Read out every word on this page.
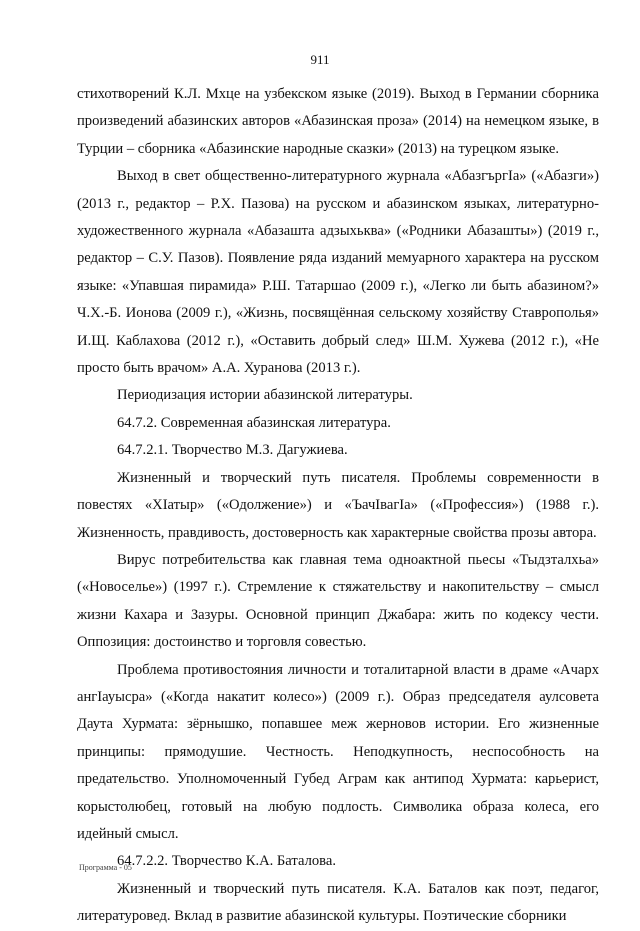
911

стихотворений К.Л. Мхце на узбекском языке (2019). Выход в Германии сборника произведений абазинских авторов «Абазинская проза» (2014) на немецком языке, в Турции – сборника «Абазинские народные сказки» (2013) на турецком языке.

Выход в свет общественно-литературного журнала «АбазгъргIа» («Абазги») (2013 г., редактор – Р.Х. Пазова) на русском и абазинском языках, литературно-художественного журнала «Абазашта адзыхьква» («Родники Абазашты») (2019 г., редактор – С.У. Пазов). Появление ряда изданий мемуарного характера на русском языке: «Упавшая пирамида» Р.Ш. Татаршао (2009 г.), «Легко ли быть абазином?» Ч.Х.-Б. Ионова (2009 г.), «Жизнь, посвящённая сельскому хозяйству Ставрополья» И.Щ. Каблахова (2012 г.), «Оставить добрый след» Ш.М. Хужева (2012 г.), «Не просто быть врачом» А.А. Хуранова (2013 г.).

Периодизация истории абазинской литературы.

64.7.2. Современная абазинская литература.

64.7.2.1. Творчество М.З. Дагужиева.

Жизненный и творческий путь писателя. Проблемы современности в повестях «ХIатыр» («Одолжение») и «ЪачIвагIа» («Профессия») (1988 г.). Жизненность, правдивость, достоверность как характерные свойства прозы автора.

Вирус потребительства как главная тема одноактной пьесы «Тыдзталхьа» («Новоселье») (1997 г.). Стремление к стяжательству и накопительству – смысл жизни Кахара и Зазуры. Основной принцип Джабара: жить по кодексу чести. Оппозиция: достоинство и торговля совестью.

Проблема противостояния личности и тоталитарной власти в драме «Ачарх ангIауыcра» («Когда накатит колесо») (2009 г.). Образ председателя аулсовета Даута Хурмата: зёрнышко, попавшее меж жерновов истории. Его жизненные принципы: прямодушие. Честность. Неподкупность, неспособность на предательство. Уполномоченный Губед Аграм как антипод Хурмата: карьерист, корыстолюбец, готовый на любую подлость. Символика образа колеса, его идейный смысл.

64.7.2.2. Творчество К.А. Баталова.

Жизненный и творческий путь писателя. К.А. Баталов как поэт, педагог, литературовед. Вклад в развитие абазинской культуры. Поэтические сборники

Программа - 05
